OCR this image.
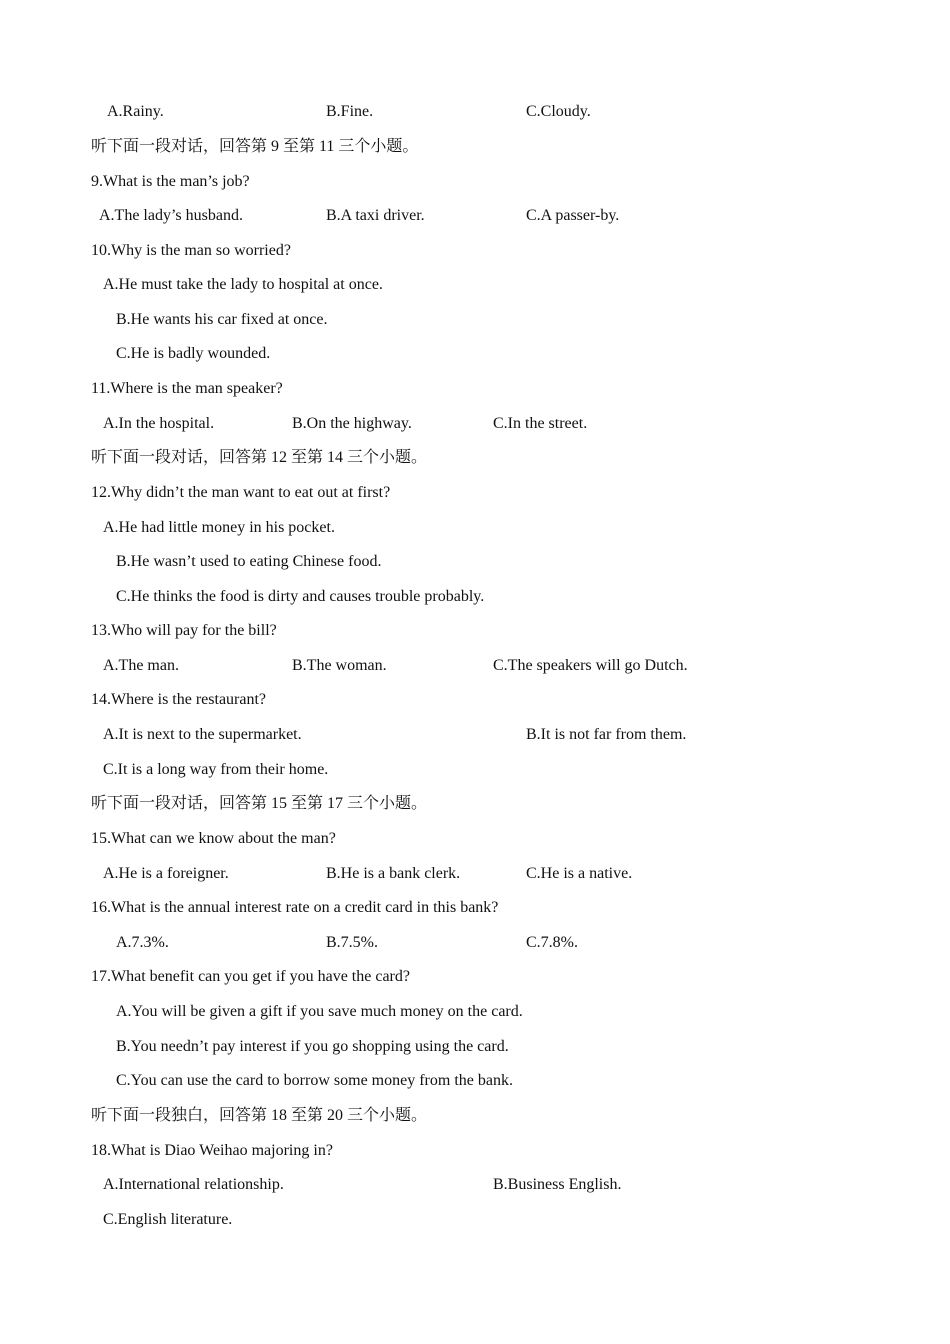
A.Rainy.	B.Fine.	C.Cloudy.
听下面一段对话，回答第 9 至第 11 三个小题。
9.What is the man’s job?
A.The lady’s husband.	B.A taxi driver.	C.A passer-by.
10.Why is the man so worried?
A.He must take the lady to hospital at once.
B.He wants his car fixed at once.
C.He is badly wounded.
11.Where is the man speaker?
A.In the hospital.	B.On the highway.	C.In the street.
听下面一段对话，回答第 12 至第 14 三个小题。
12.Why didn’t the man want to eat out at first?
A.He had little money in his pocket.
B.He wasn’t used to eating Chinese food.
C.He thinks the food is dirty and causes trouble probably.
13.Who will pay for the bill?
A.The man.	B.The woman.	C.The speakers will go Dutch.
14.Where is the restaurant?
A.It is next to the supermarket.	B.It is not far from them.
C.It is a long way from their home.
听下面一段对话，回答第 15 至第 17 三个小题。
15.What can we know about the man?
A.He is a foreigner.	B.He is a bank clerk.	C.He is a native.
16.What is the annual interest rate on a credit card in this bank?
A.7.3%.	B.7.5%.	C.7.8%.
17.What benefit can you get if you have the card?
A.You will be given a gift if you save much money on the card.
B.You needn’t pay interest if you go shopping using the card.
C.You can use the card to borrow some money from the bank.
听下面一段独白，回答第 18 至第 20 三个小题。
18.What is Diao Weihao majoring in?
A.International relationship.	B.Business English.
C.English literature.
